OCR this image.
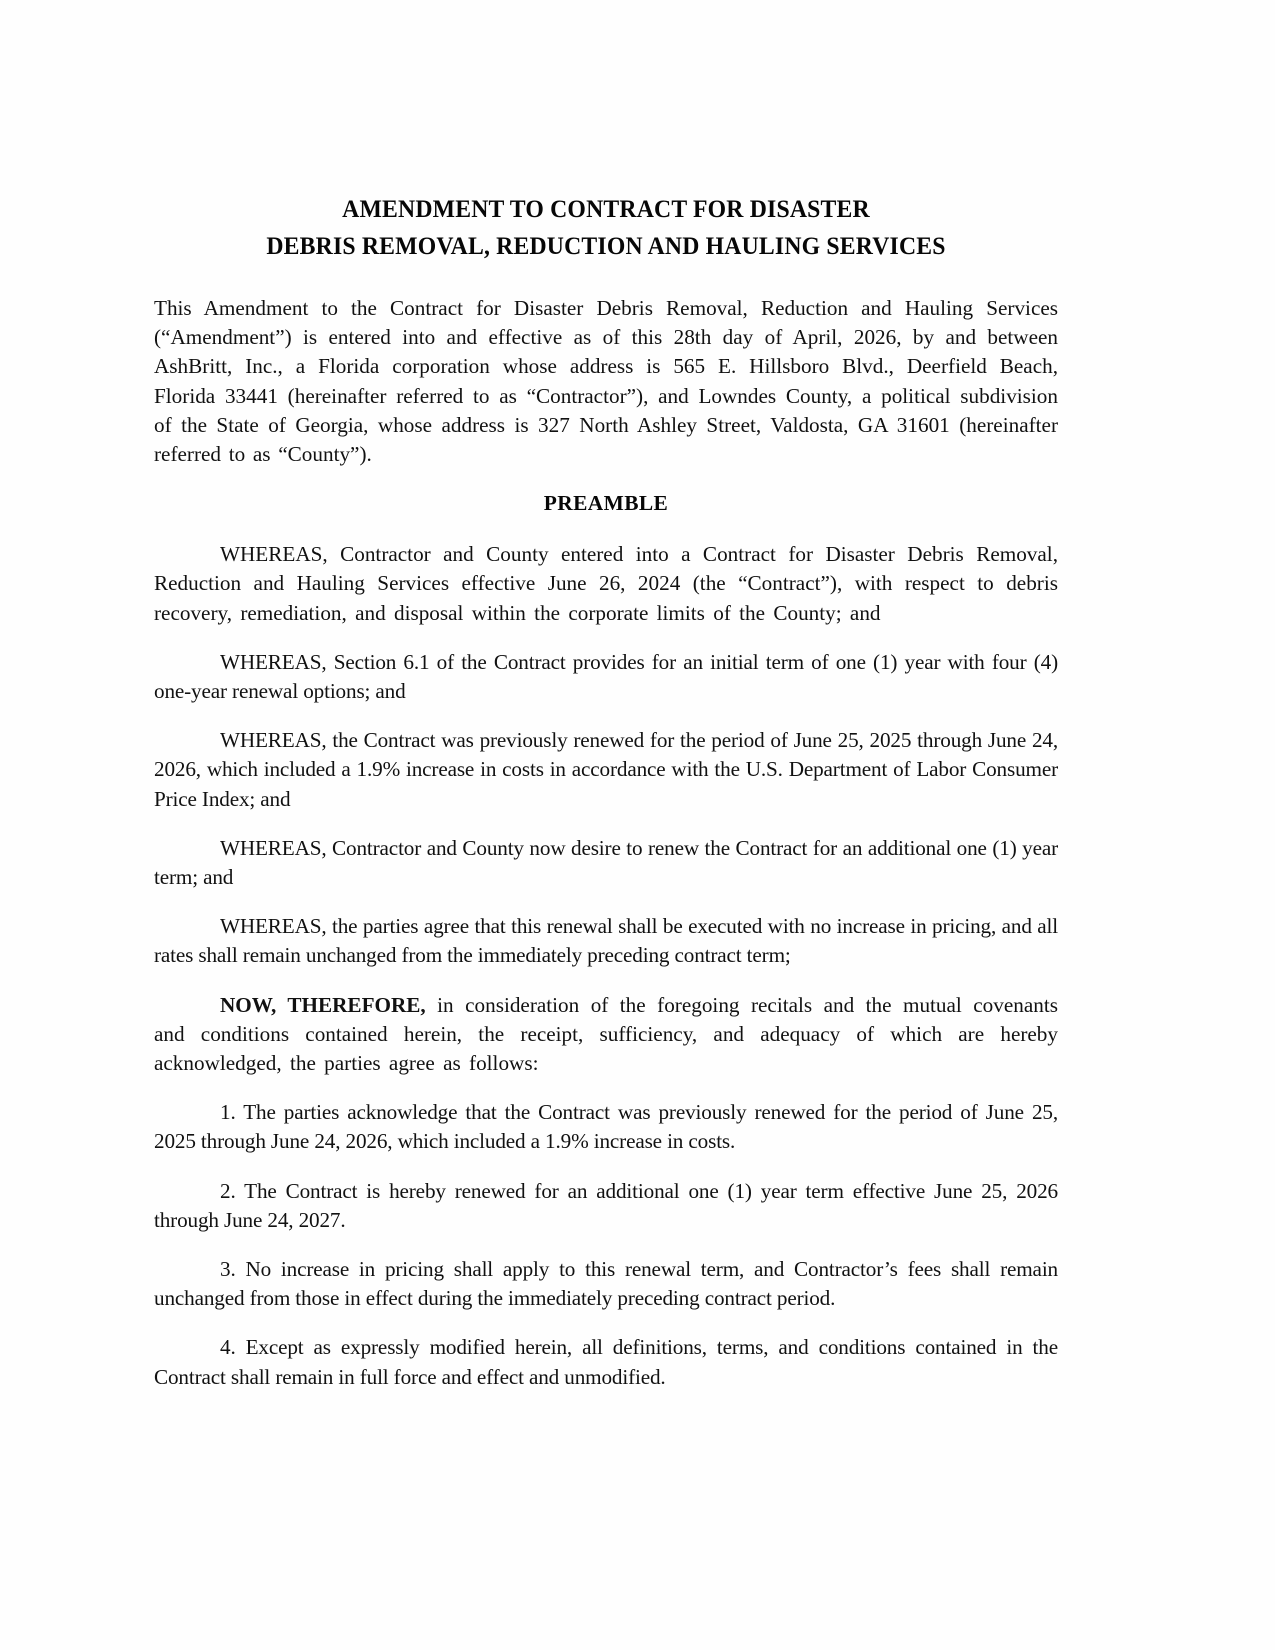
AMENDMENT TO CONTRACT FOR DISASTER
DEBRIS REMOVAL, REDUCTION AND HAULING SERVICES

This Amendment to the Contract for Disaster Debris Removal, Reduction and Hauling Services (“Amendment”) is entered into and effective as of this 28th day of April, 2026, by and between AshBritt, Inc., a Florida corporation whose address is 565 E. Hillsboro Blvd., Deerfield Beach, Florida 33441 (hereinafter referred to as “Contractor”), and Lowndes County, a political subdivision of the State of Georgia, whose address is 327 North Ashley Street, Valdosta, GA 31601 (hereinafter referred to as “County”).

PREAMBLE

WHEREAS, Contractor and County entered into a Contract for Disaster Debris Removal, Reduction and Hauling Services effective June 26, 2024 (the “Contract”), with respect to debris recovery, remediation, and disposal within the corporate limits of the County; and

WHEREAS, Section 6.1 of the Contract provides for an initial term of one (1) year with four (4) one-year renewal options; and

WHEREAS, the Contract was previously renewed for the period of June 25, 2025 through June 24, 2026, which included a 1.9% increase in costs in accordance with the U.S. Department of Labor Consumer Price Index; and

WHEREAS, Contractor and County now desire to renew the Contract for an additional one (1) year term; and

WHEREAS, the parties agree that this renewal shall be executed with no increase in pricing, and all rates shall remain unchanged from the immediately preceding contract term;

NOW, THEREFORE, in consideration of the foregoing recitals and the mutual covenants and conditions contained herein, the receipt, sufficiency, and adequacy of which are hereby acknowledged, the parties agree as follows:

1. The parties acknowledge that the Contract was previously renewed for the period of June 25, 2025 through June 24, 2026, which included a 1.9% increase in costs.

2. The Contract is hereby renewed for an additional one (1) year term effective June 25, 2026 through June 24, 2027.

3. No increase in pricing shall apply to this renewal term, and Contractor’s fees shall remain unchanged from those in effect during the immediately preceding contract period.

4. Except as expressly modified herein, all definitions, terms, and conditions contained in the Contract shall remain in full force and effect and unmodified.
